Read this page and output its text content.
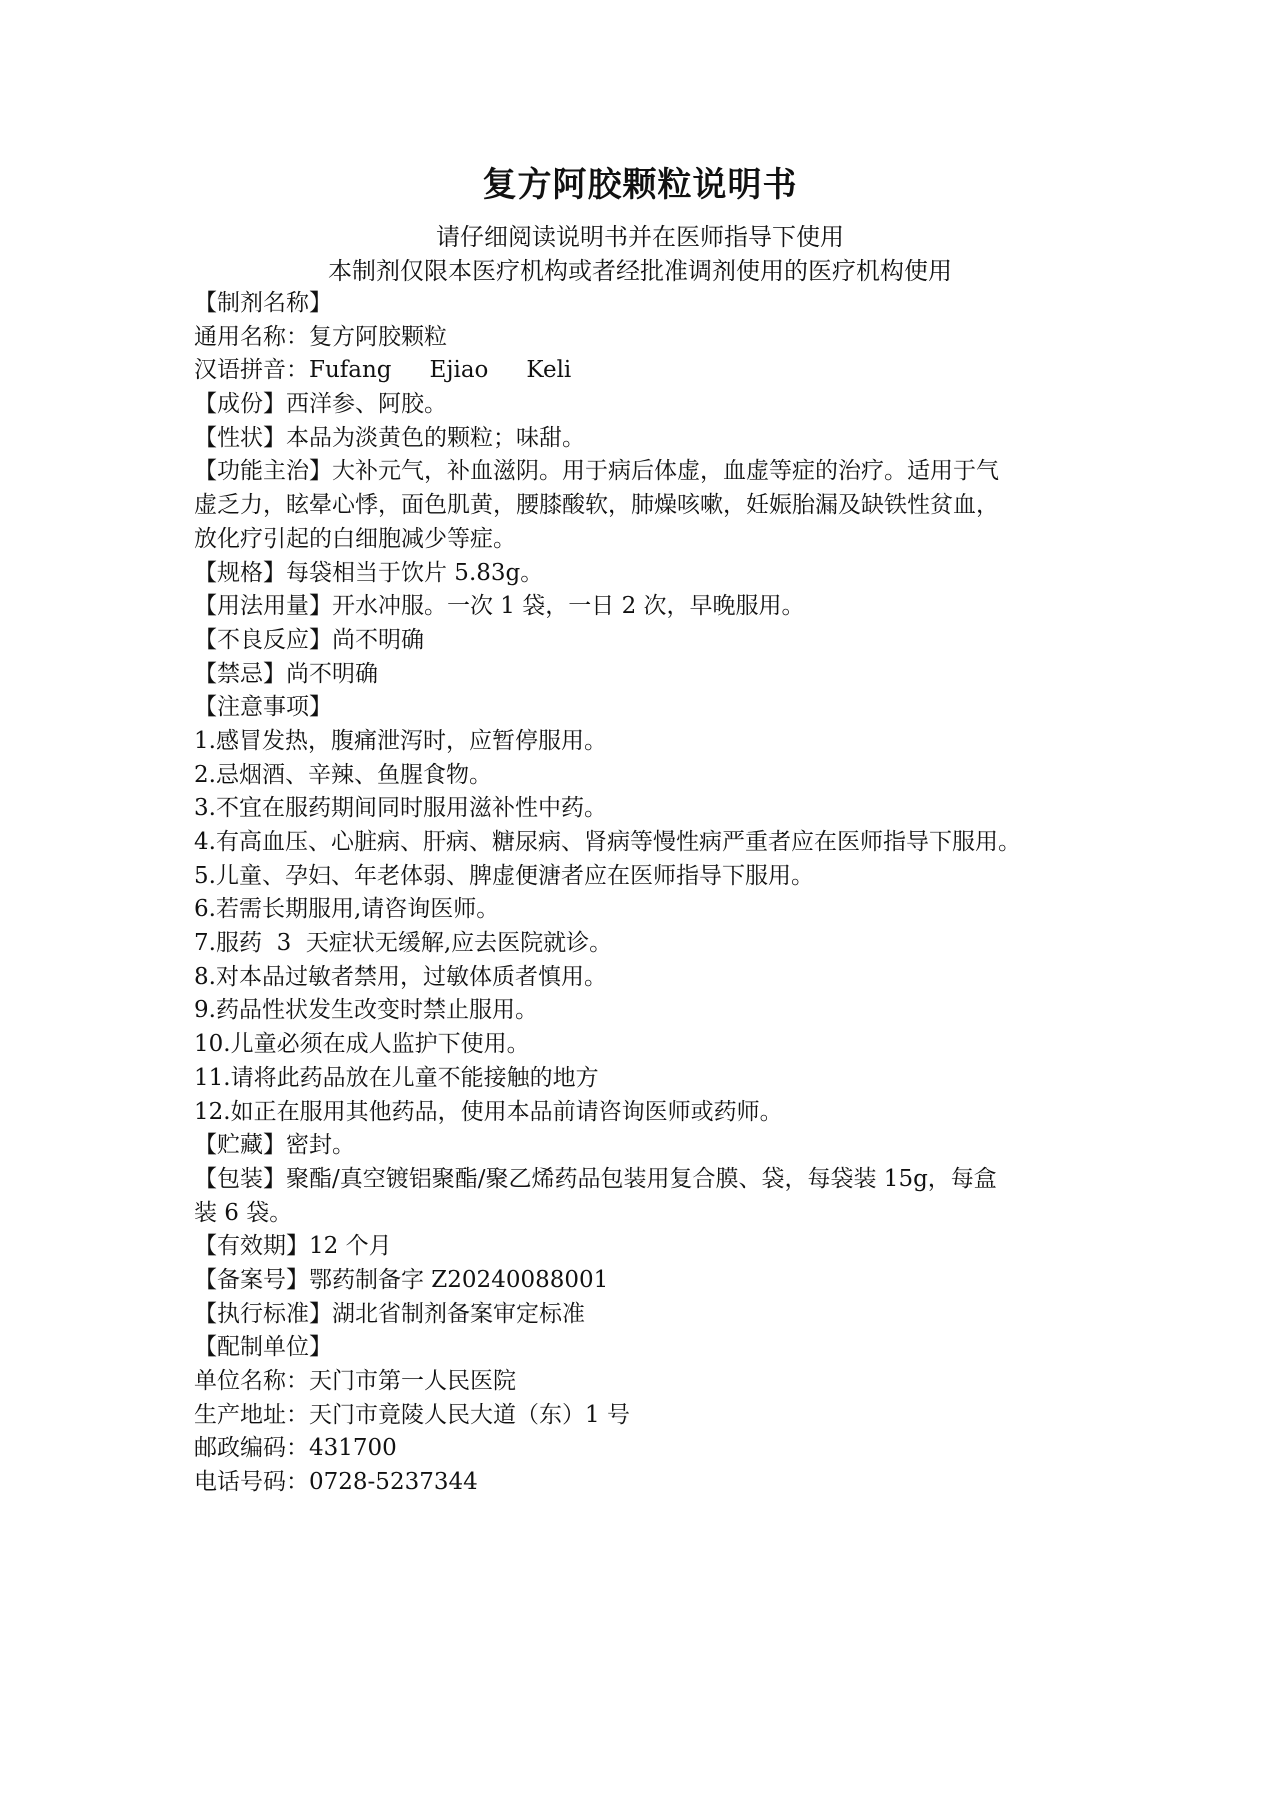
复方阿胶颗粒说明书
请仔细阅读说明书并在医师指导下使用
本制剂仅限本医疗机构或者经批准调剂使用的医疗机构使用
【制剂名称】
通用名称：复方阿胶颗粒
汉语拼音：Fufang Ejiao Keli
【成份】西洋参、阿胶。
【性状】本品为淡黄色的颗粒；味甜。
【功能主治】大补元气，补血滋阴。用于病后体虚，血虚等症的治疗。适用于气
虚乏力，眩晕心悸，面色肌黄，腰膝酸软，肺燥咳嗽，妊娠胎漏及缺铁性贫血，
放化疗引起的白细胞减少等症。
【规格】每袋相当于饮片 5.83g。
【用法用量】开水冲服。一次 1 袋，一日 2 次，早晚服用。
【不良反应】尚不明确
【禁忌】尚不明确
【注意事项】
1.感冒发热，腹痛泄泻时，应暂停服用。
2.忌烟酒、辛辣、鱼腥食物。
3.不宜在服药期间同时服用滋补性中药。
4.有高血压、心脏病、肝病、糖尿病、肾病等慢性病严重者应在医师指导下服用。
5.儿童、孕妇、年老体弱、脾虚便溏者应在医师指导下服用。
6.若需长期服用,请咨询医师。
7.服药  3  天症状无缓解,应去医院就诊。
8.对本品过敏者禁用，过敏体质者慎用。
9.药品性状发生改变时禁止服用。
10.儿童必须在成人监护下使用。
11.请将此药品放在儿童不能接触的地方
12.如正在服用其他药品，使用本品前请咨询医师或药师。
【贮藏】密封。
【包装】聚酯/真空镀铝聚酯/聚乙烯药品包装用复合膜、袋，每袋装 15g，每盒
装 6 袋。
【有效期】12 个月
【备案号】鄂药制备字 Z20240088001
【执行标准】湖北省制剂备案审定标准
【配制单位】
单位名称：天门市第一人民医院
生产地址：天门市竟陵人民大道（东）1 号
邮政编码：431700
电话号码：0728-5237344
